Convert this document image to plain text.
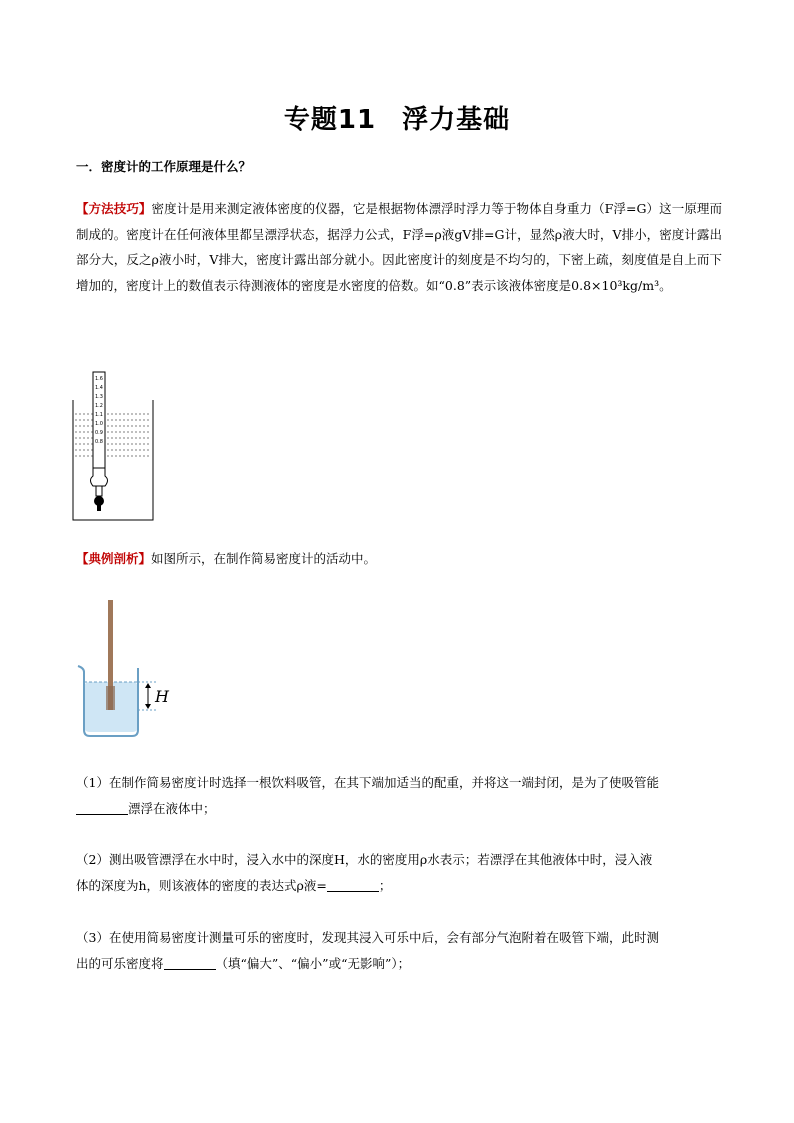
专题11 浮力基础
一．密度计的工作原理是什么？
【方法技巧】密度计是用来测定液体密度的仪器，它是根据物体漂浮时浮力等于物体自身重力（F浮=G）这一原理而制成的。密度计在任何液体里都呈漂浮状态，据浮力公式，F浮=ρ液gV排=G计，显然ρ液大时，V排小，密度计露出部分大，反之ρ液小时，V排大，密度计露出部分就小。因此密度计的刻度是不均匀的，下密上疏，刻度值是自上而下增加的，密度计上的数值表示待测液体的密度是水密度的倍数。如“0.8”表示该液体密度是0.8×10³kg/m³。
1.6
1.4
1.3
1.2
1.1
1.0
0.9
0.8
【典例剖析】如图所示，在制作简易密度计的活动中。
H
（1）在制作简易密度计时选择一根饮料吸管，在其下端加适当的配重，并将这一端封闭，是为了使吸管能
漂浮在液体中；
（2）测出吸管漂浮在水中时，浸入水中的深度H，水的密度用ρ水表示；若漂浮在其他液体中时，浸入液
体的深度为h，则该液体的密度的表达式ρ液=	；
（3）在使用简易密度计测量可乐的密度时，发现其浸入可乐中后，会有部分气泡附着在吸管下端，此时测
出的可乐密度将	（填“偏大”、“偏小”或“无影响”）；
